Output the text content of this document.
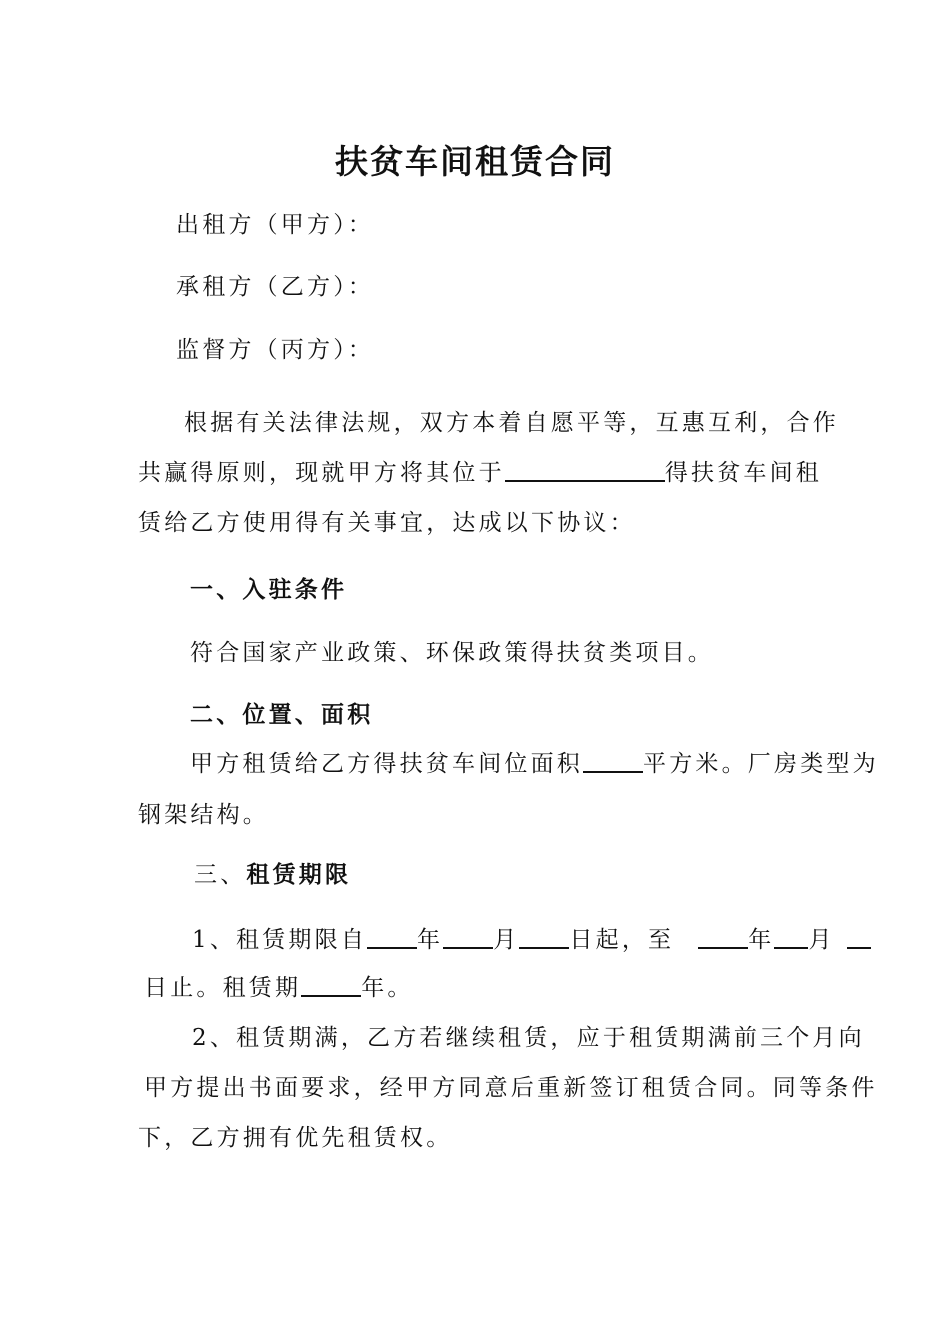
扶贫车间租赁合同
出租方（甲方）：
承租方（乙方）：
监督方（丙方）：
根据有关法律法规，双方本着自愿平等，互惠互利，合作
共赢得原则，现就甲方将其位于	得扶贫车间租
赁给乙方使用得有关事宜，达成以下协议：
一、入驻条件
符合国家产业政策、环保政策得扶贫类项目。
二、位置、面积
甲方租赁给乙方得扶贫车间位面积	平方米。厂房类型为
钢架结构。
三、租赁期限
1、租赁期限自 年 月 日起，至	年 月
日止。租赁期	年。
2、租赁期满，乙方若继续租赁，应于租赁期满前三个月向
甲方提出书面要求，经甲方同意后重新签订租赁合同。同等条件
下，乙方拥有优先租赁权。
